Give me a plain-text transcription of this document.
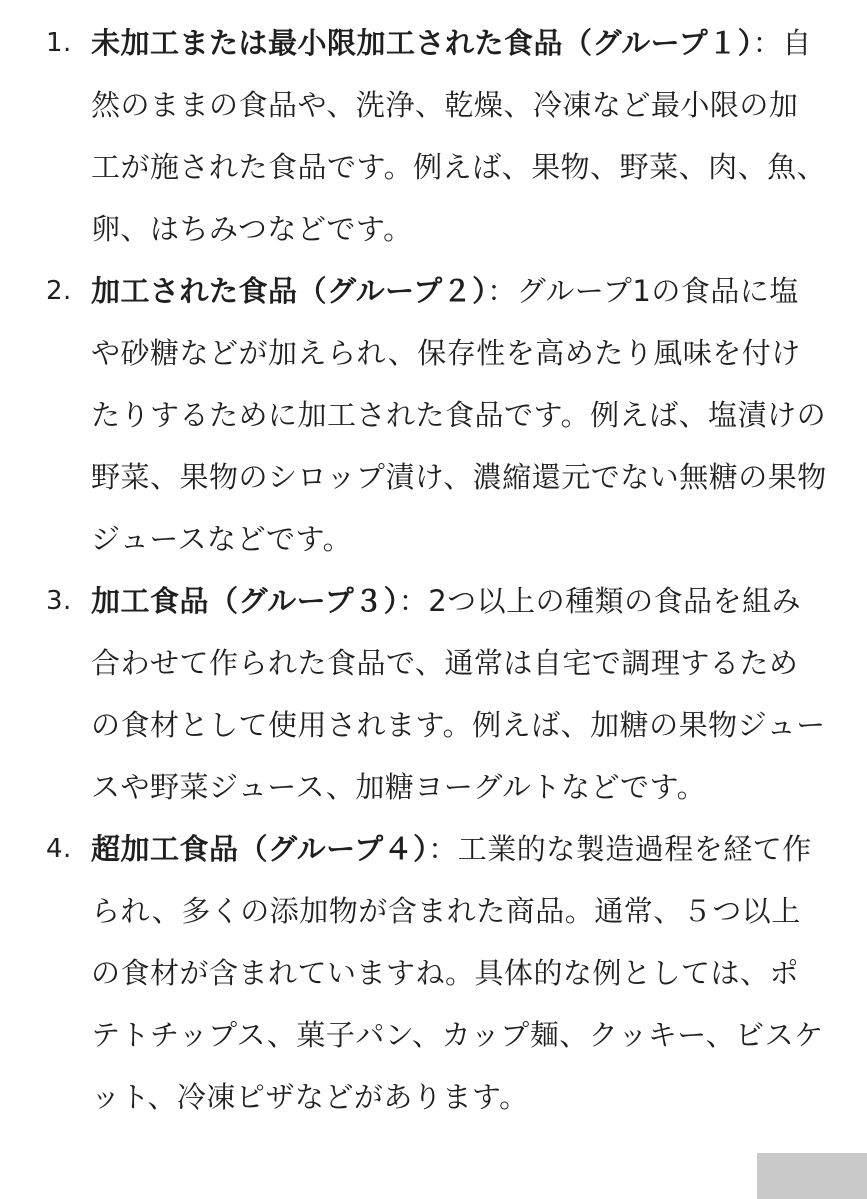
1. 未加工または最小限加工された食品（グループ１）：自然のままの食品や、洗浄、乾燥、冷凍など最小限の加工が施された食品です。例えば、果物、野菜、肉、魚、卵、はちみつなどです。
2. 加工された食品（グループ２）：グループ1の食品に塩や砂糖などが加えられ、保存性を高めたり風味を付けたりするために加工された食品です。例えば、塩漬けの野菜、果物のシロップ漬け、濃縮還元でない無糖の果物ジュースなどです。
3. 加工食品（グループ３）：2つ以上の種類の食品を組み合わせて作られた食品で、通常は自宅で調理するための食材として使用されます。例えば、加糖の果物ジュースや野菜ジュース、加糖ヨーグルトなどです。
4. 超加工食品（グループ４）：工業的な製造過程を経て作られ、多くの添加物が含まれた商品。通常、５つ以上の食材が含まれていますね。具体的な例としては、ポテトチップス、菓子パン、カップ麺、クッキー、ビスケット、冷凍ピザなどがあります。
